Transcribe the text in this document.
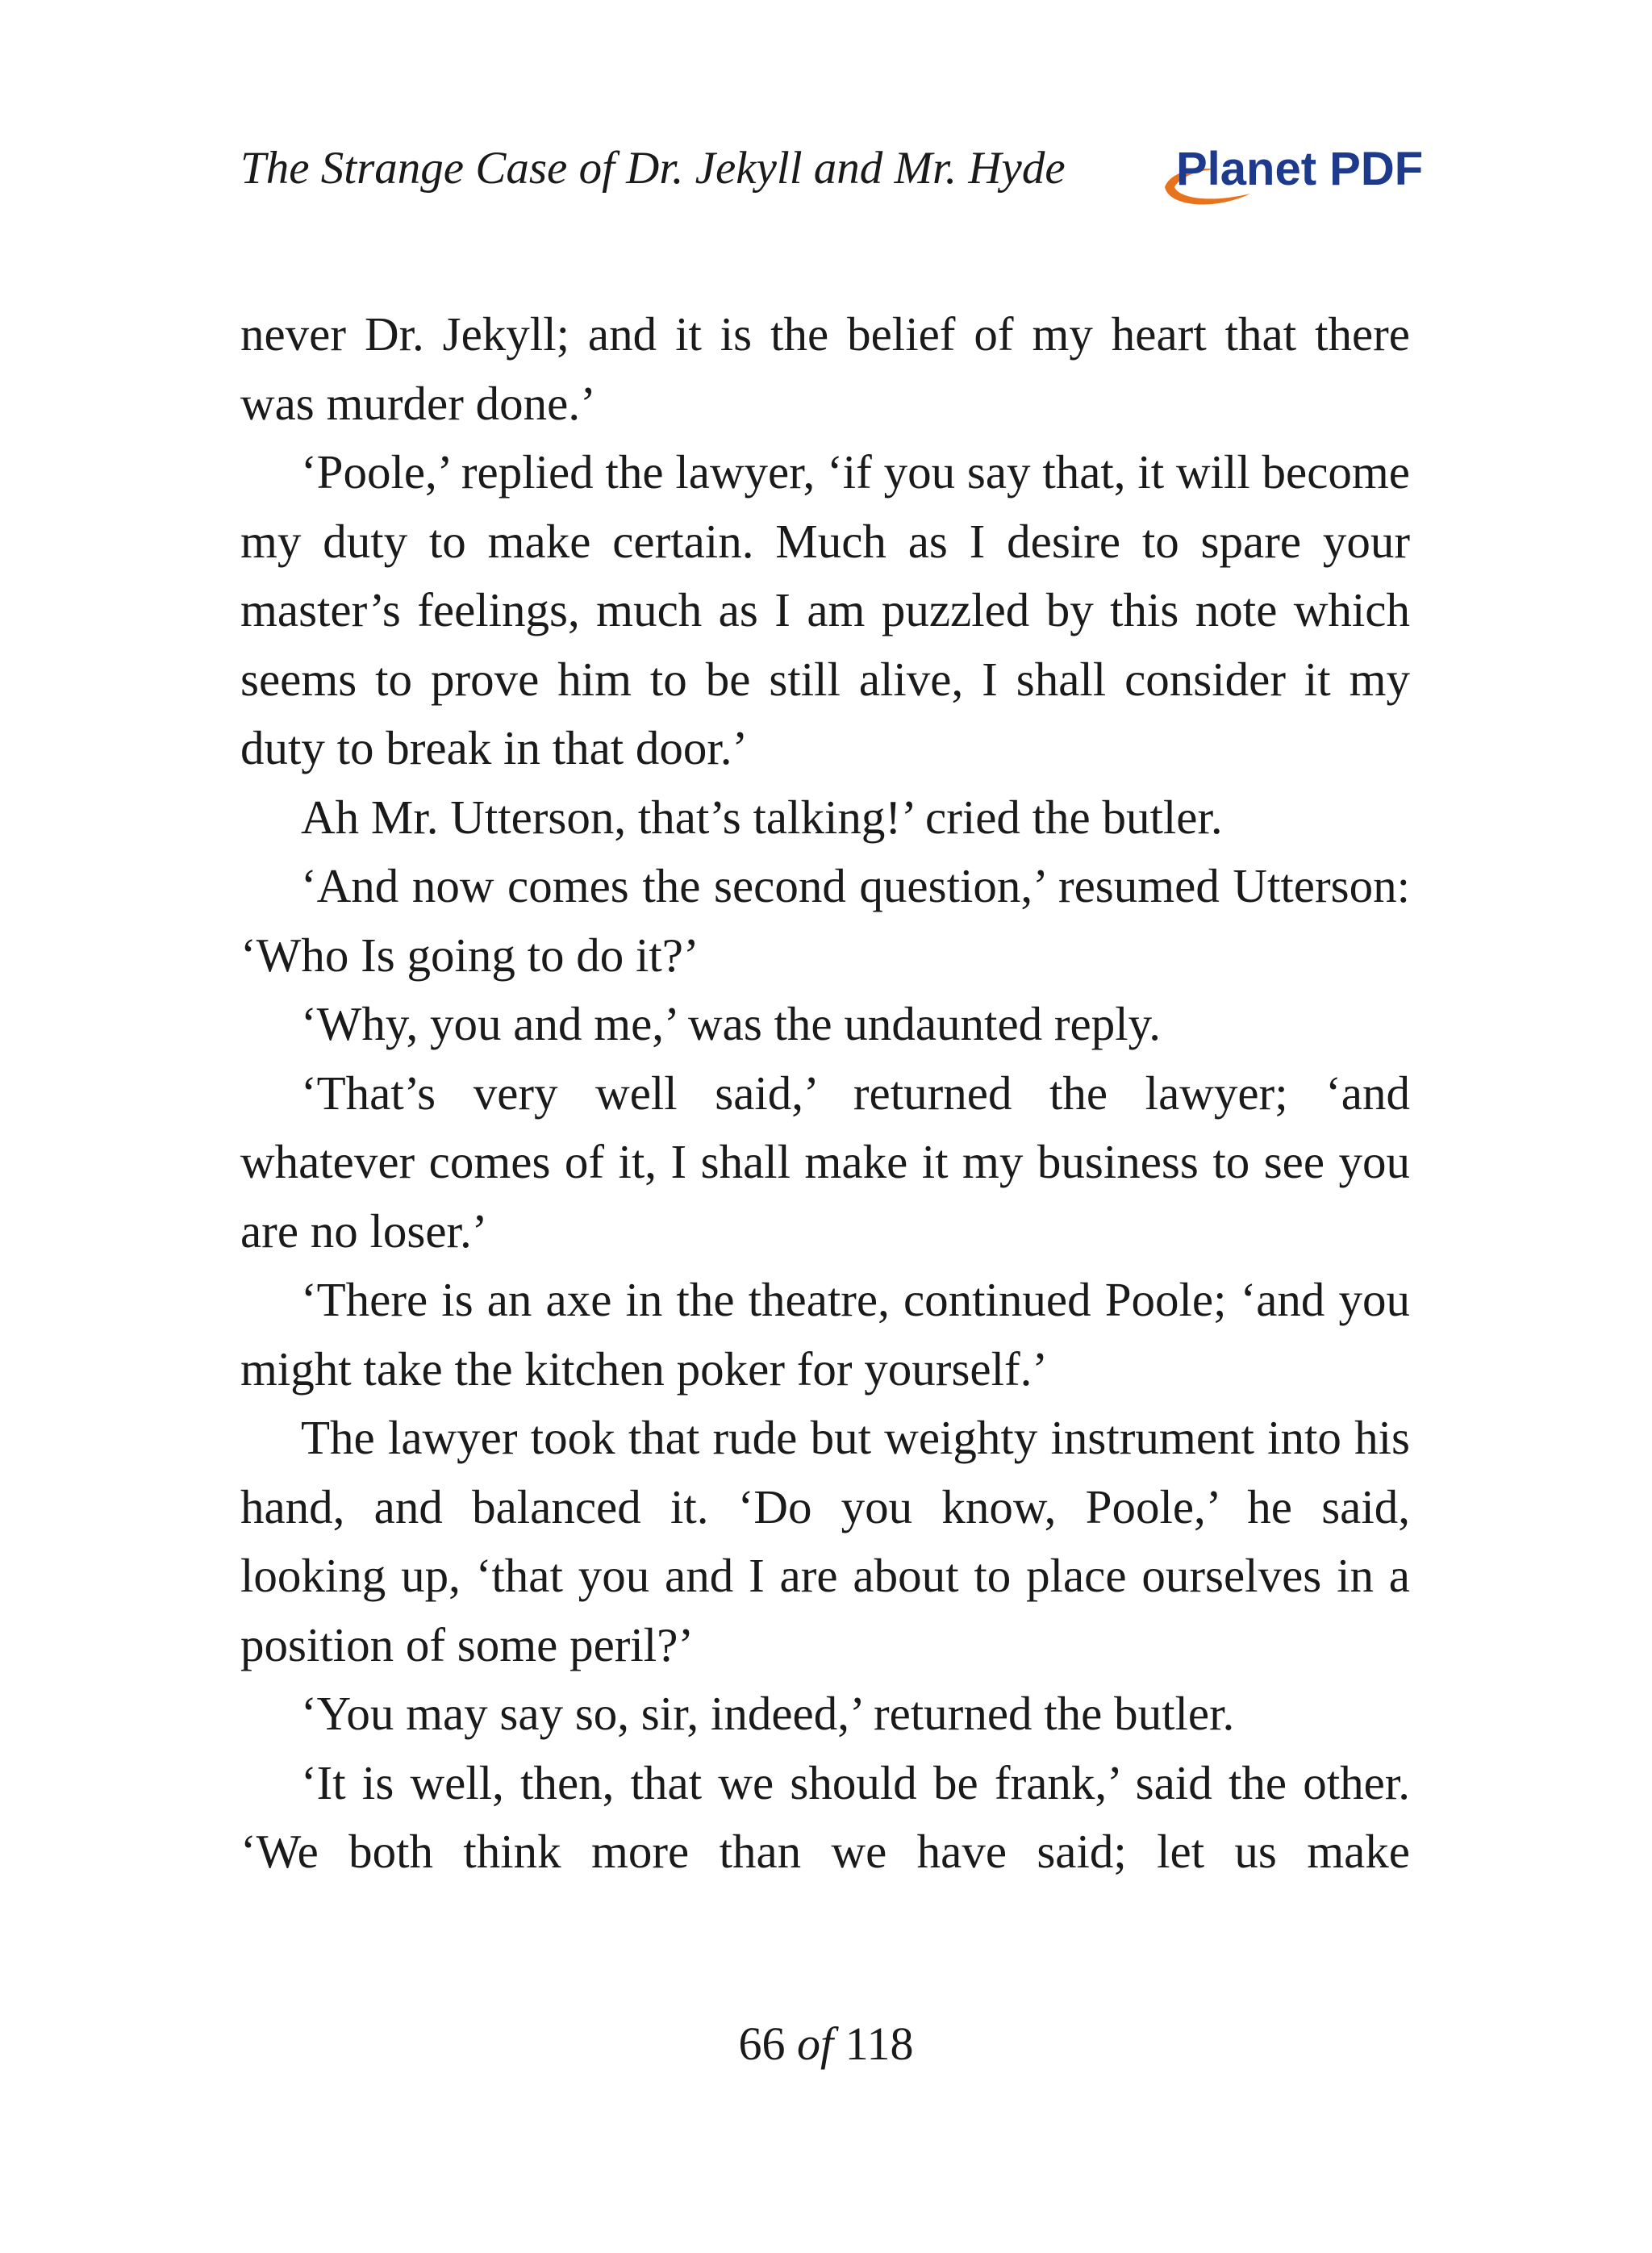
The Strange Case of Dr. Jekyll and Mr. Hyde Planet PDF

never Dr. Jekyll; and it is the belief of my heart that there was murder done.’

‘Poole,’ replied the lawyer, ‘if you say that, it will become my duty to make certain. Much as I desire to spare your master’s feelings, much as I am puzzled by this note which seems to prove him to be still alive, I shall consider it my duty to break in that door.’

Ah Mr. Utterson, that’s talking!’ cried the butler.

‘And now comes the second question,’ resumed Utterson: ‘Who Is going to do it?’

‘Why, you and me,’ was the undaunted reply.

‘That’s very well said,’ returned the lawyer; ‘and whatever comes of it, I shall make it my business to see you are no loser.’

‘There is an axe in the theatre, continued Poole; ‘and you might take the kitchen poker for yourself.’

The lawyer took that rude but weighty instrument into his hand, and balanced it. ‘Do you know, Poole,’ he said, looking up, ‘that you and I are about to place ourselves in a position of some peril?’

‘You may say so, sir, indeed,’ returned the butler.

‘It is well, then, that we should be frank,’ said the other. ‘We both think more than we have said; let us make

66 of 118
